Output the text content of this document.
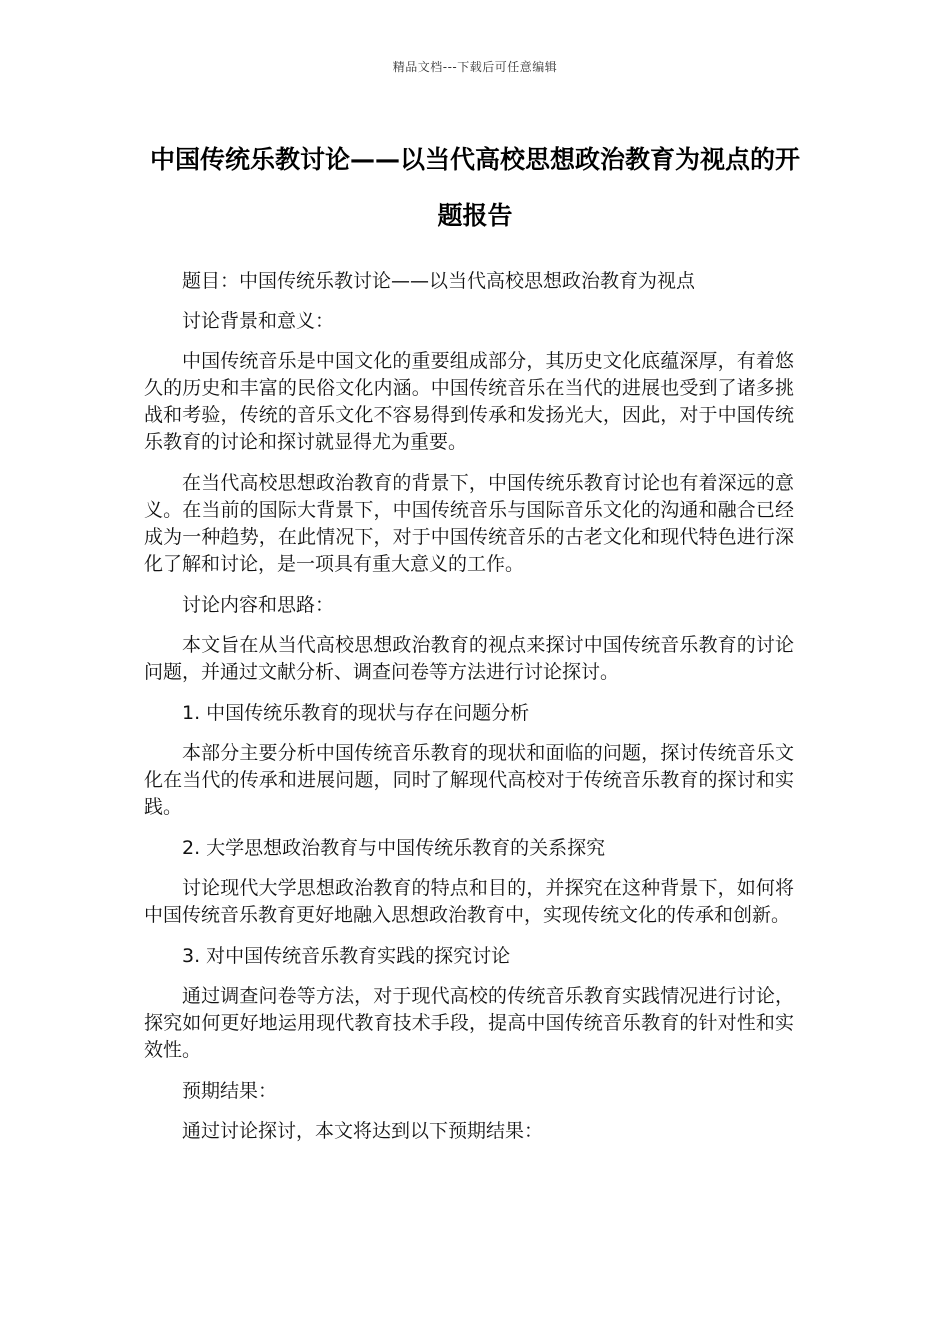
精品文档---下载后可任意编辑
中国传统乐教讨论——以当代高校思想政治教育为视点的开题报告

题目：中国传统乐教讨论——以当代高校思想政治教育为视点

讨论背景和意义：

中国传统音乐是中国文化的重要组成部分，其历史文化底蕴深厚，有着悠久的历史和丰富的民俗文化内涵。中国传统音乐在当代的进展也受到了诸多挑战和考验，传统的音乐文化不容易得到传承和发扬光大，因此，对于中国传统乐教育的讨论和探讨就显得尤为重要。

在当代高校思想政治教育的背景下，中国传统乐教育讨论也有着深远的意义。在当前的国际大背景下，中国传统音乐与国际音乐文化的沟通和融合已经成为一种趋势，在此情况下，对于中国传统音乐的古老文化和现代特色进行深化了解和讨论，是一项具有重大意义的工作。

讨论内容和思路：

本文旨在从当代高校思想政治教育的视点来探讨中国传统音乐教育的讨论问题，并通过文献分析、调查问卷等方法进行讨论探讨。

1. 中国传统乐教育的现状与存在问题分析

本部分主要分析中国传统音乐教育的现状和面临的问题，探讨传统音乐文化在当代的传承和进展问题，同时了解现代高校对于传统音乐教育的探讨和实践。

2. 大学思想政治教育与中国传统乐教育的关系探究

讨论现代大学思想政治教育的特点和目的，并探究在这种背景下，如何将中国传统音乐教育更好地融入思想政治教育中，实现传统文化的传承和创新。

3. 对中国传统音乐教育实践的探究讨论

通过调查问卷等方法，对于现代高校的传统音乐教育实践情况进行讨论，探究如何更好地运用现代教育技术手段，提高中国传统音乐教育的针对性和实效性。

预期结果：

通过讨论探讨，本文将达到以下预期结果：
